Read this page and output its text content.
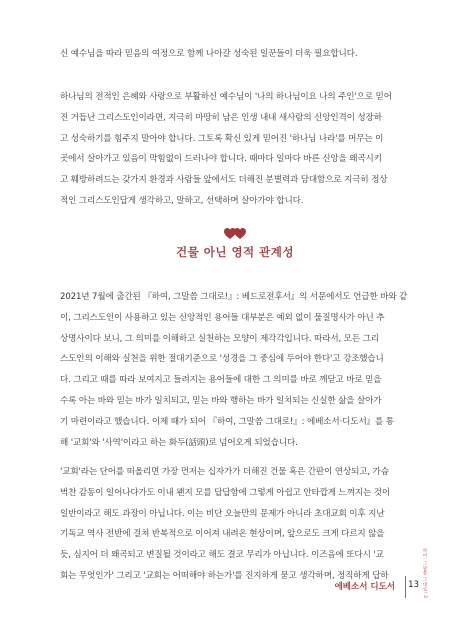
신 예수님을 따라 믿음의 여정으로 함께 나아갈 성숙된 일꾼들이 더욱 필요합니다.
하나님의 전적인 은혜와 사랑으로 부활하신 예수님이 '나의 하나님이요 나의 주인'으로 믿어
진 거듭난 그리스도인이라면, 지극히 마땅히 남은 인생 내내 새사람의 신앙인격이 성장하
고 성숙하기를 힘주지 말아야 합니다. 그토록 확신 있게 믿어진 '하나님 나라'를 머무는 이
곳에서 살아가고 있음이 막힘없이 드러나야 합니다. 때마다 일마다 바른 신앙을 왜곡시키
고 훼방하려드는 갖가지 환경과 사람들 앞에서도 더해진 분별력과 담대함으로 지극히 정상
적인 그리스도인답게 생각하고, 말하고, 선택하며 살아가야 합니다.
건물 아닌 영적 관계성
2021년 7월에 출간된 『하여, 그말씀 그대로!』: 베드로전후서』의 서문에서도 언급한 바와 같
이, 그리스도인이 사용하고 있는 신앙적인 용어들 대부분은 예외 없이 물질명사가 아닌 추
상명사이다 보니, 그 의미를 이해하고 실천하는 모양이 제각각입니다. 따라서, 모든 그리
스도인의 이해와 실천을 위한 절대기준으로 '성경을 그 중심에 두어야 한다'고 강조했습니
다. 그리고 때를 따라 보여지고 들려지는 용어들에 대한 그 의미를 바로 깨닫고 바로 믿을
수록 아는 바와 믿는 바가 일치되고, 믿는 바와 행하는 바가 일치되는 신실한 삶을 살아가
기 마련이라고 했습니다. 이제 때가 되어 『하여, 그말씀 그대로!』: 에베소서·디도서』를 통
해 '교회'와 '사역'이라고 하는 화두(話頭)로 넘어오게 되었습니다.
'교회'라는 단어를 떠올리면 가장 먼저는 십자가가 더해진 건물 혹은 간판이 연상되고, 가슴
벅찬 감동이 일어나다가도 이내 왠지 모를 답답함에 그렇게 아쉽고 안타깝게 느껴지는 것이
일반이라고 해도 과장이 아닙니다. 이는 비단 오늘만의 문제가 아니라 초대교회 이후 지난
기독교 역사 전반에 걸쳐 반복적으로 이어져 내려온 현상이며, 앞으로도 크게 다르지 않을
듯, 심지어 더 왜곡되고 변질될 것이라고 해도 결코 무리가 아닙니다. 이즈음에 또다시 '교
회는 무엇인가' 그리고 '교회는 어떠해야 하는가'를 진지하게 묻고 생각하며, 정직하게 답하	하여, 그말씀 그대로! 2
에베소서 디도서 13
